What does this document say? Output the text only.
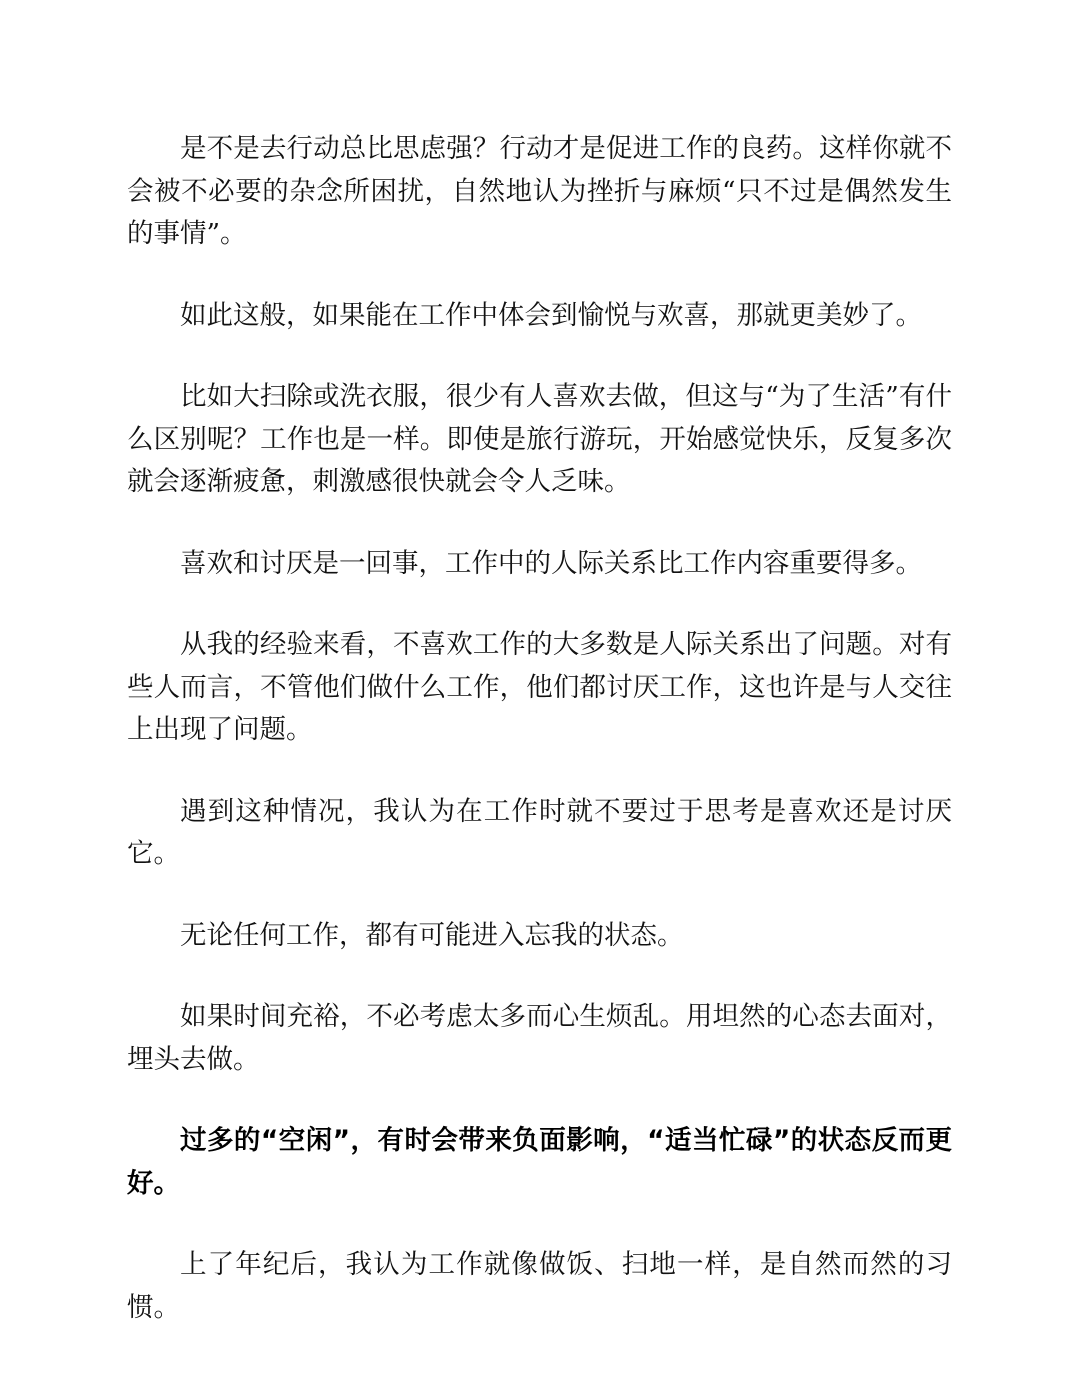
是不是去行动总比思虑强？行动才是促进工作的良药。这样你就不会被不必要的杂念所困扰，自然地认为挫折与麻烦“只不过是偶然发生的事情”。

如此这般，如果能在工作中体会到愉悦与欢喜，那就更美妙了。

比如大扫除或洗衣服，很少有人喜欢去做，但这与“为了生活”有什么区别呢？工作也是一样。即使是旅行游玩，开始感觉快乐，反复多次就会逐渐疲惫，刺激感很快就会令人乏味。

喜欢和讨厌是一回事，工作中的人际关系比工作内容重要得多。

从我的经验来看，不喜欢工作的大多数是人际关系出了问题。对有些人而言，不管他们做什么工作，他们都讨厌工作，这也许是与人交往上出现了问题。

遇到这种情况，我认为在工作时就不要过于思考是喜欢还是讨厌它。

无论任何工作，都有可能进入忘我的状态。

如果时间充裕，不必考虑太多而心生烦乱。用坦然的心态去面对，埋头去做。

过多的“空闲”，有时会带来负面影响，“适当忙碌”的状态反而更好。

上了年纪后，我认为工作就像做饭、扫地一样，是自然而然的习惯。
